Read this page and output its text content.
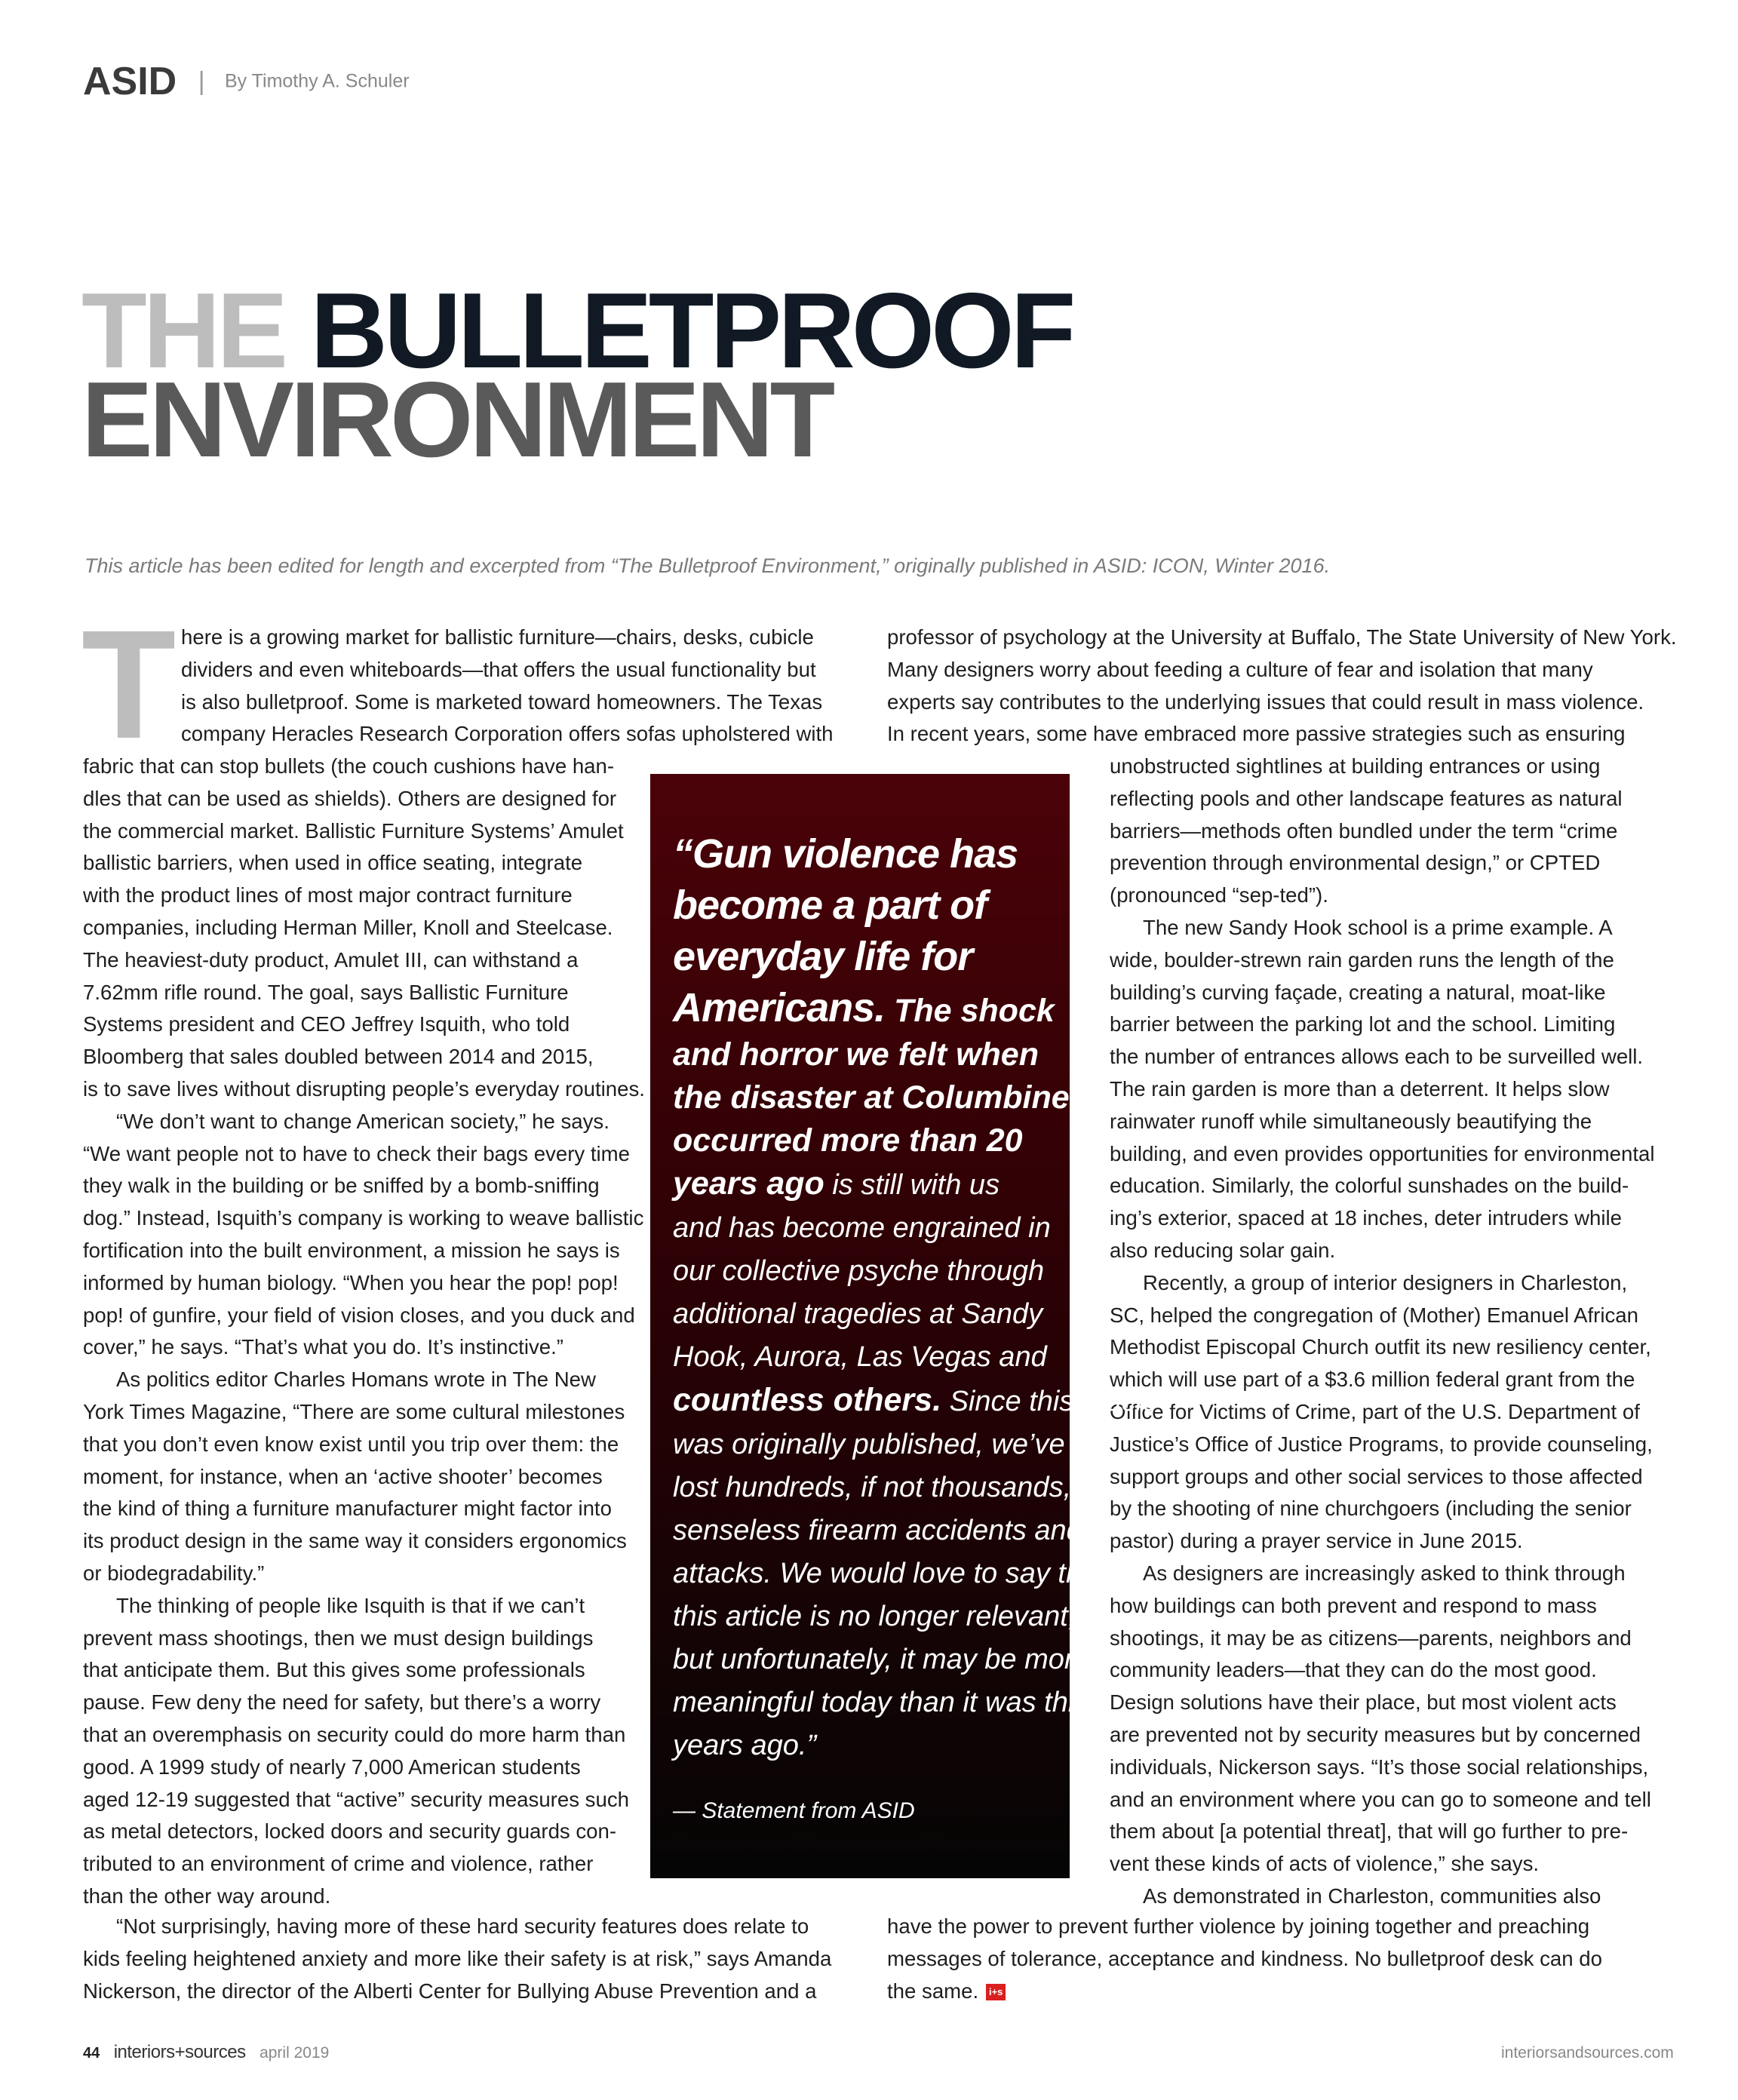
ASID | By Timothy A. Schuler
THE BULLETPROOF
ENVIRONMENT
This article has been edited for length and excerpted from “The Bulletproof Environment,” originally published in ASID: ICON, Winter 2016.
T here is a growing market for ballistic furniture—chairs, desks, cubicle
dividers and even whiteboards—that offers the usual functionality but
is also bulletproof. Some is marketed toward homeowners. The Texas
company Heracles Research Corporation offers sofas upholstered with
fabric that can stop bullets (the couch cushions have han-
dles that can be used as shields). Others are designed for
the commercial market. Ballistic Furniture Systems’ Amulet
ballistic barriers, when used in office seating, integrate
with the product lines of most major contract furniture
companies, including Herman Miller, Knoll and Steelcase.
The heaviest-duty product, Amulet III, can withstand a
7.62mm rifle round. The goal, says Ballistic Furniture
Systems president and CEO Jeffrey Isquith, who told
Bloomberg that sales doubled between 2014 and 2015,
is to save lives without disrupting people’s everyday routines.
“We don’t want to change American society,” he says.
“We want people not to have to check their bags every time
they walk in the building or be sniffed by a bomb-sniffing
dog.” Instead, Isquith’s company is working to weave ballistic
fortification into the built environment, a mission he says is
informed by human biology. “When you hear the pop! pop!
pop! of gunfire, your field of vision closes, and you duck and
cover,” he says. “That’s what you do. It’s instinctive.”
As politics editor Charles Homans wrote in The New
York Times Magazine, “There are some cultural milestones
that you don’t even know exist until you trip over them: the
moment, for instance, when an ‘active shooter’ becomes
the kind of thing a furniture manufacturer might factor into
its product design in the same way it considers ergonomics
or biodegradability.”
The thinking of people like Isquith is that if we can’t
prevent mass shootings, then we must design buildings
that anticipate them. But this gives some professionals
pause. Few deny the need for safety, but there’s a worry
that an overemphasis on security could do more harm than
good. A 1999 study of nearly 7,000 American students
aged 12-19 suggested that “active” security measures such
as metal detectors, locked doors and security guards con-
tributed to an environment of crime and violence, rather
than the other way around.
“Not surprisingly, having more of these hard security features does relate to
kids feeling heightened anxiety and more like their safety is at risk,” says Amanda
Nickerson, the director of the Alberti Center for Bullying Abuse Prevention and a
professor of psychology at the University at Buffalo, The State University of New York.
Many designers worry about feeding a culture of fear and isolation that many
experts say contributes to the underlying issues that could result in mass violence.
In recent years, some have embraced more passive strategies such as ensuring
unobstructed sightlines at building entrances or using
reflecting pools and other landscape features as natural
barriers—methods often bundled under the term “crime
prevention through environmental design,” or CPTED
(pronounced “sep-ted”).
The new Sandy Hook school is a prime example. A
wide, boulder-strewn rain garden runs the length of the
building’s curving façade, creating a natural, moat-like
barrier between the parking lot and the school. Limiting
the number of entrances allows each to be surveilled well.
The rain garden is more than a deterrent. It helps slow
rainwater runoff while simultaneously beautifying the
building, and even provides opportunities for environmental
education. Similarly, the colorful sunshades on the build-
ing’s exterior, spaced at 18 inches, deter intruders while
also reducing solar gain.
Recently, a group of interior designers in Charleston,
SC, helped the congregation of (Mother) Emanuel African
Methodist Episcopal Church outfit its new resiliency center,
which will use part of a $3.6 million federal grant from the
Office for Victims of Crime, part of the U.S. Department of
Justice’s Office of Justice Programs, to provide counseling,
support groups and other social services to those affected
by the shooting of nine churchgoers (including the senior
pastor) during a prayer service in June 2015.
As designers are increasingly asked to think through
how buildings can both prevent and respond to mass
shootings, it may be as citizens—parents, neighbors and
community leaders—that they can do the most good.
Design solutions have their place, but most violent acts
are prevented not by security measures but by concerned
individuals, Nickerson says. “It’s those social relationships,
and an environment where you can go to someone and tell
them about [a potential threat], that will go further to pre-
vent these kinds of acts of violence,” she says.
As demonstrated in Charleston, communities also
have the power to prevent further violence by joining together and preaching
messages of tolerance, acceptance and kindness. No bulletproof desk can do
the same. i+s
“Gun violence has
become a part of
everyday life for
Americans. The shock
and horror we felt when
the disaster at Columbine
occurred more than 20
years ago is still with us
and has become engrained in
our collective psyche through
additional tragedies at Sandy
Hook, Aurora, Las Vegas and
countless others. Since this article
was originally published, we’ve
lost hundreds, if not thousands, to
senseless firearm accidents and
attacks. We would love to say that
this article is no longer relevant,
but unfortunately, it may be more
meaningful today than it was three
years ago.”
— Statement from ASID
44 interiors+sources april 2019	interiorsandsources.com
